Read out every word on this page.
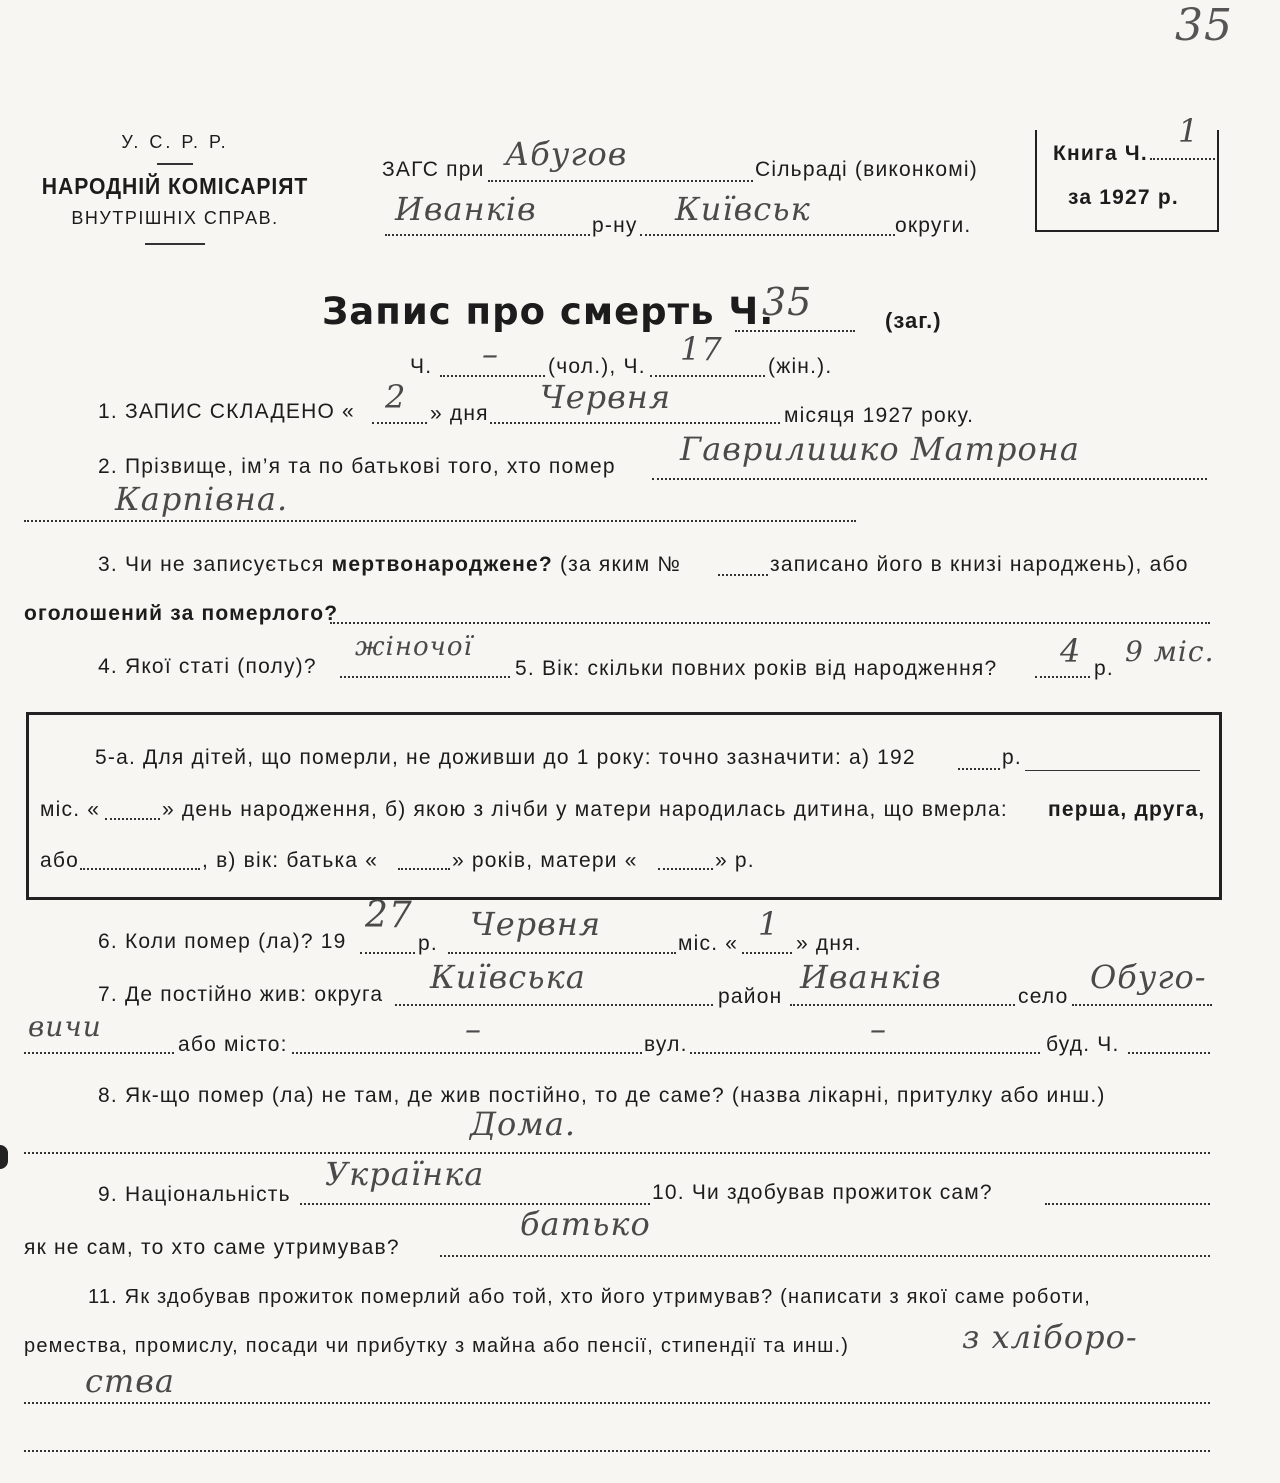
35
У. С. Р. Р.
НАРОДНІЙ КОМІСАРІЯТ
ВНУТРІШНІХ СПРАВ.
ЗАГС при Абугов	Сільраді (виконкомі)
Иванків	р-ну Київськ	округи.
Книга Ч.
1
за 1927 р.
Запис про смерть Ч.
35	(заг.)
Ч. – (чол.), Ч. 17 (жін.).
1. ЗАПИС СКЛАДЕНО « 2 » дня Червня	місяця 1927 року.
2. Прізвище, ім’я та по батькові того, хто помер Гаврилишко Матрона
Карпівна.
3. Чи не записується мертвонароджене? (за яким №	записано його в книзі народжень), або
оголошений за померлого?
4. Якої статі (полу)?
жіночої
5. Вік: скільки повних років від народження? 4 р.
9 міс.
5-а. Для дітей, що померли, не доживши до 1 року: точно зазначити: а) 192	р.
міс. «	» день народження, б) якою з лічби у матери народилась дитина, що вмерла: перша, друга,
або	, в) вік: батька «	» років, матери «	» р.
6. Коли помер (ла)? 19
27
р.
Червня
міс. «
1
» дня.
7. Де постійно жив: округа Київська
район
Иванків
село
Обуго-
вичи
або місто:	–	вул.	–	буд. Ч.
8. Як-що помер (ла) не там, де жив постійно, то де саме? (назва лікарні, притулку або инш.)
Дома.
9. Національність
Українка	10. Чи здобував прожиток сам?
як не сам, то хто саме утримував?
батько
11. Як здобував прожиток померлий або той, хто його утримував? (написати з якої саме роботи,
ремества, промислу, посади чи прибутку з майна або пенсії, стипендії та инш.)	з хліборо-
ства
